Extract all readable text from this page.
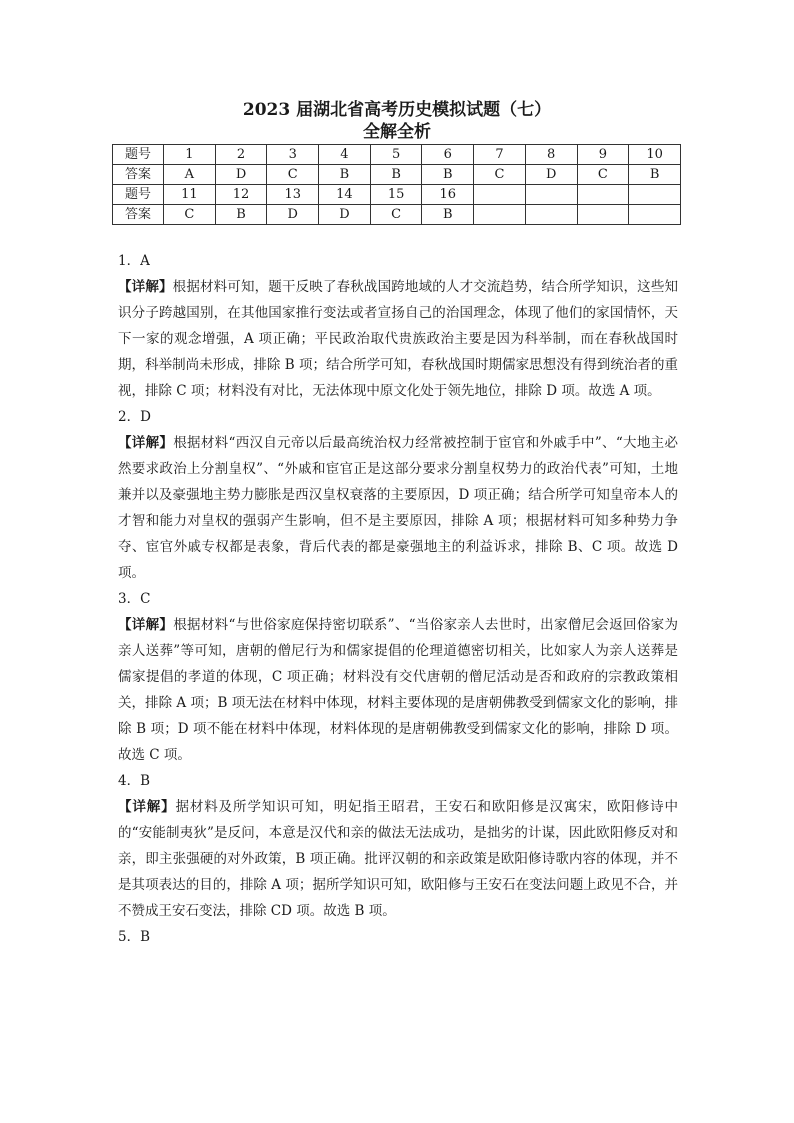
2023 届湖北省高考历史模拟试题（七）
全解全析
题号	1	2	3	4	5	6	7	8	9	10
答案	A	D	C	B	B	B	C	D	C	B
题号	11	12	13	14	15	16				
答案	C	B	D	D	C	B				

1．A

【详解】根据材料可知，题干反映了春秋战国跨地域的人才交流趋势，结合所学知识，这些知识分子跨越国别，在其他国家推行变法或者宣扬自己的治国理念，体现了他们的家国情怀，天下一家的观念增强，A 项正确；平民政治取代贵族政治主要是因为科举制，而在春秋战国时期，科举制尚未形成，排除 B 项；结合所学可知，春秋战国时期儒家思想没有得到统治者的重视，排除 C 项；材料没有对比，无法体现中原文化处于领先地位，排除 D 项。故选 A 项。

2．D

【详解】根据材料“西汉自元帝以后最高统治权力经常被控制于宦官和外戚手中”、“大地主必然要求政治上分割皇权”、“外戚和宦官正是这部分要求分割皇权势力的政治代表”可知，土地兼并以及豪强地主势力膨胀是西汉皇权衰落的主要原因，D 项正确；结合所学可知皇帝本人的才智和能力对皇权的强弱产生影响，但不是主要原因，排除 A 项；根据材料可知多种势力争夺、宦官外戚专权都是表象，背后代表的都是豪强地主的利益诉求，排除 B、C 项。故选 D 项。

3．C

【详解】根据材料“与世俗家庭保持密切联系”、“当俗家亲人去世时，出家僧尼会返回俗家为亲人送葬”等可知，唐朝的僧尼行为和儒家提倡的伦理道德密切相关，比如家人为亲人送葬是儒家提倡的孝道的体现，C 项正确；材料没有交代唐朝的僧尼活动是否和政府的宗教政策相关，排除 A 项；B 项无法在材料中体现，材料主要体现的是唐朝佛教受到儒家文化的影响，排除 B 项；D 项不能在材料中体现，材料体现的是唐朝佛教受到儒家文化的影响，排除 D 项。故选 C 项。

4．B

【详解】据材料及所学知识可知，明妃指王昭君，王安石和欧阳修是汉寓宋，欧阳修诗中的“安能制夷狄”是反问，本意是汉代和亲的做法无法成功，是拙劣的计谋，因此欧阳修反对和亲，即主张强硬的对外政策，B 项正确。批评汉朝的和亲政策是欧阳修诗歌内容的体现，并不是其项表达的目的，排除 A 项；据所学知识可知，欧阳修与王安石在变法问题上政见不合，并不赞成王安石变法，排除 CD 项。故选 B 项。

5．B
